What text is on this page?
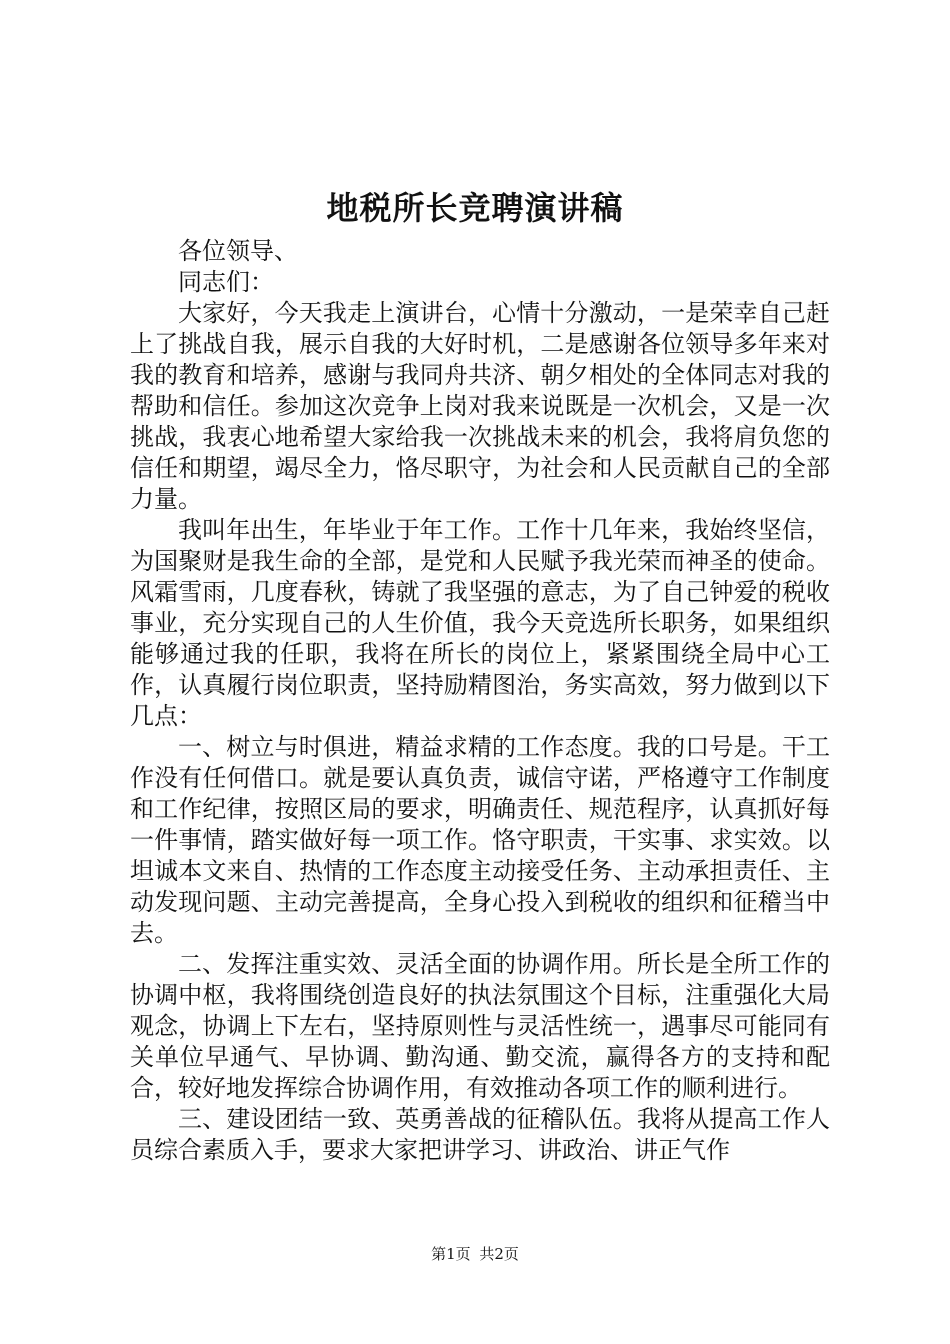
地税所长竞聘演讲稿

各位领导、

同志们：

大家好，今天我走上演讲台，心情十分激动，一是荣幸自己赶上了挑战自我，展示自我的大好时机，二是感谢各位领导多年来对我的教育和培养，感谢与我同舟共济、朝夕相处的全体同志对我的帮助和信任。参加这次竞争上岗对我来说既是一次机会，又是一次挑战，我衷心地希望大家给我一次挑战未来的机会，我将肩负您的信任和期望，竭尽全力，恪尽职守，为社会和人民贡献自己的全部力量。

我叫年出生，年毕业于年工作。工作十几年来，我始终坚信，为国聚财是我生命的全部，是党和人民赋予我光荣而神圣的使命。风霜雪雨，几度春秋，铸就了我坚强的意志，为了自己钟爱的税收事业，充分实现自己的人生价值，我今天竞选所长职务，如果组织能够通过我的任职，我将在所长的岗位上，紧紧围绕全局中心工作，认真履行岗位职责，坚持励精图治，务实高效，努力做到以下几点：

一、树立与时俱进，精益求精的工作态度。我的口号是。干工作没有任何借口。就是要认真负责，诚信守诺，严格遵守工作制度和工作纪律，按照区局的要求，明确责任、规范程序，认真抓好每一件事情，踏实做好每一项工作。恪守职责，干实事、求实效。以坦诚本文来自、热情的工作态度主动接受任务、主动承担责任、主动发现问题、主动完善提高，全身心投入到税收的组织和征稽当中去。

二、发挥注重实效、灵活全面的协调作用。所长是全所工作的协调中枢，我将围绕创造良好的执法氛围这个目标，注重强化大局观念，协调上下左右，坚持原则性与灵活性统一，遇事尽可能同有关单位早通气、早协调、勤沟通、勤交流，赢得各方的支持和配合，较好地发挥综合协调作用，有效推动各项工作的顺利进行。

三、建设团结一致、英勇善战的征稽队伍。我将从提高工作人员综合素质入手，要求大家把讲学习、讲政治、讲正气作

第1页 共2页
